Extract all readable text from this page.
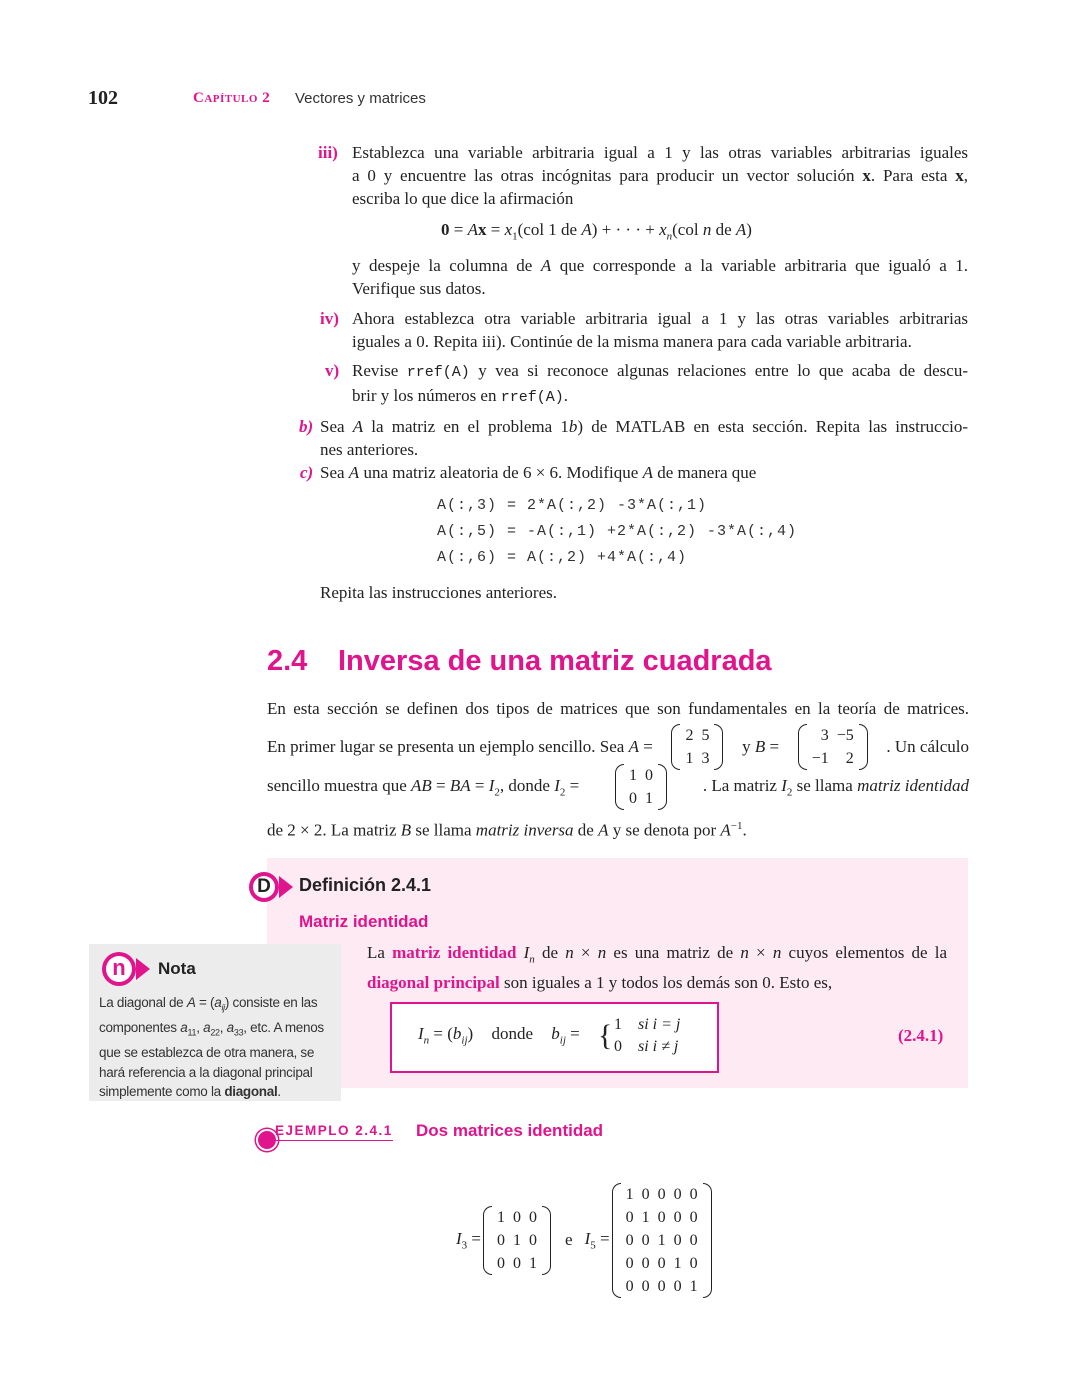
102	Capítulo 2 Vectores y matrices
iii) Establezca una variable arbitraria igual a 1 y las otras variables arbitrarias iguales
a 0 y encuentre las otras incógnitas para producir un vector solución x. Para esta x,
escriba lo que dice la afirmación
$0 = Ax = x_1(col$ 1 de A) + · · · + $x_n(col$ n de A)
y despeje la columna de A que corresponde a la variable arbitraria que igualó a 1.
Verifique sus datos.
iv) Ahora establezca otra variable arbitraria igual a 1 y las otras variables arbitrarias
iguales a 0. Repita iii). Continúe de la misma manera para cada variable arbitraria.
v) Revise rref(A) y vea si reconoce algunas relaciones entre lo que acaba de descu-
brir y los números en rref(A).
b) Sea A la matriz en el problema 1b) de MATLAB en esta sección. Repita las instruccio-
nes anteriores.
c) Sea A una matriz aleatoria de 6 × 6. Modifique A de manera que
A(:,3) = 2*A(:,2) -3*A(:,1)
A(:,5) = -A(:,1) +2*A(:,2) -3*A(:,4)
A(:,6) = A(:,2) +4*A(:,4)
Repita las instrucciones anteriores.
2.4 Inversa de una matriz cuadrada
En esta sección se definen dos tipos de matrices que son fundamentales en la teoría de matrices.
En primer lugar se presenta un ejemplo sencillo. Sea A =
2	5
1	3
y B =
3	−5
−1	2
. Un cálculo
sencillo muestra que AB = BA = $I_2$, donde $I_2$ =
1	0
0	1
. La matriz $I_2$ se llama matriz identidad
de 2 × 2. La matriz B se llama matriz inversa de A y se denota por $A^{-1}$.
D Definición 2.4.1
Matriz identidad
La matriz identidad $I_n$ de n × n es una matriz de n × n cuyos elementos de la
diagonal principal son iguales a 1 y todos los demás son 0. Esto es,
$I_n = (b_{ij})$ donde $b_{ij}$ = { 1 si i = j
0 si i ≠ j
(2.4.1)
n	Nota
La diagonal de $A = (a_{ij})$ consiste en las
componentes $a_{11}$, $a_{22}$, $a_{33}$, etc. A menos
que se establezca de otra manera, se
hará referencia a la diagonal principal
simplemente como la diagonal.
EJEMPLO 2.4.1 Dos matrices identidad
$I_3$ =
1	0	0
0	1	0
0	0	1
e $I_5$ =
1	0	0	0	0
0	1	0	0	0
0	0	1	0	0
0	0	0	1	0
0	0	0	0	1
